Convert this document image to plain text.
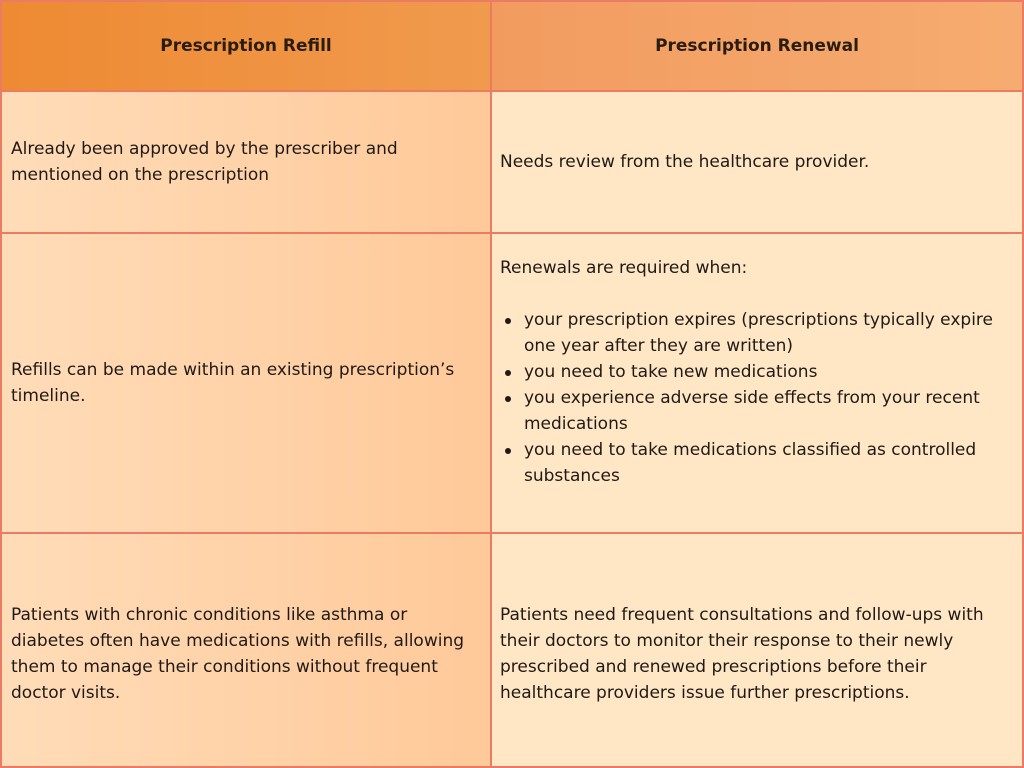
Prescription Refill	Prescription Renewal
Already been approved by the prescriber and mentioned on the prescription
Needs review from the healthcare provider.
Refills can be made within an existing prescription’s timeline.
Renewals are required when:
your prescription expires (prescriptions typically expire one year after they are written)
you need to take new medications
you experience adverse side effects from your recent medications
you need to take medications classified as controlled substances
Patients with chronic conditions like asthma or diabetes often have medications with refills, allowing them to manage their conditions without frequent doctor visits.
Patients need frequent consultations and follow-ups with their doctors to monitor their response to their newly prescribed and renewed prescriptions before their healthcare providers issue further prescriptions.
